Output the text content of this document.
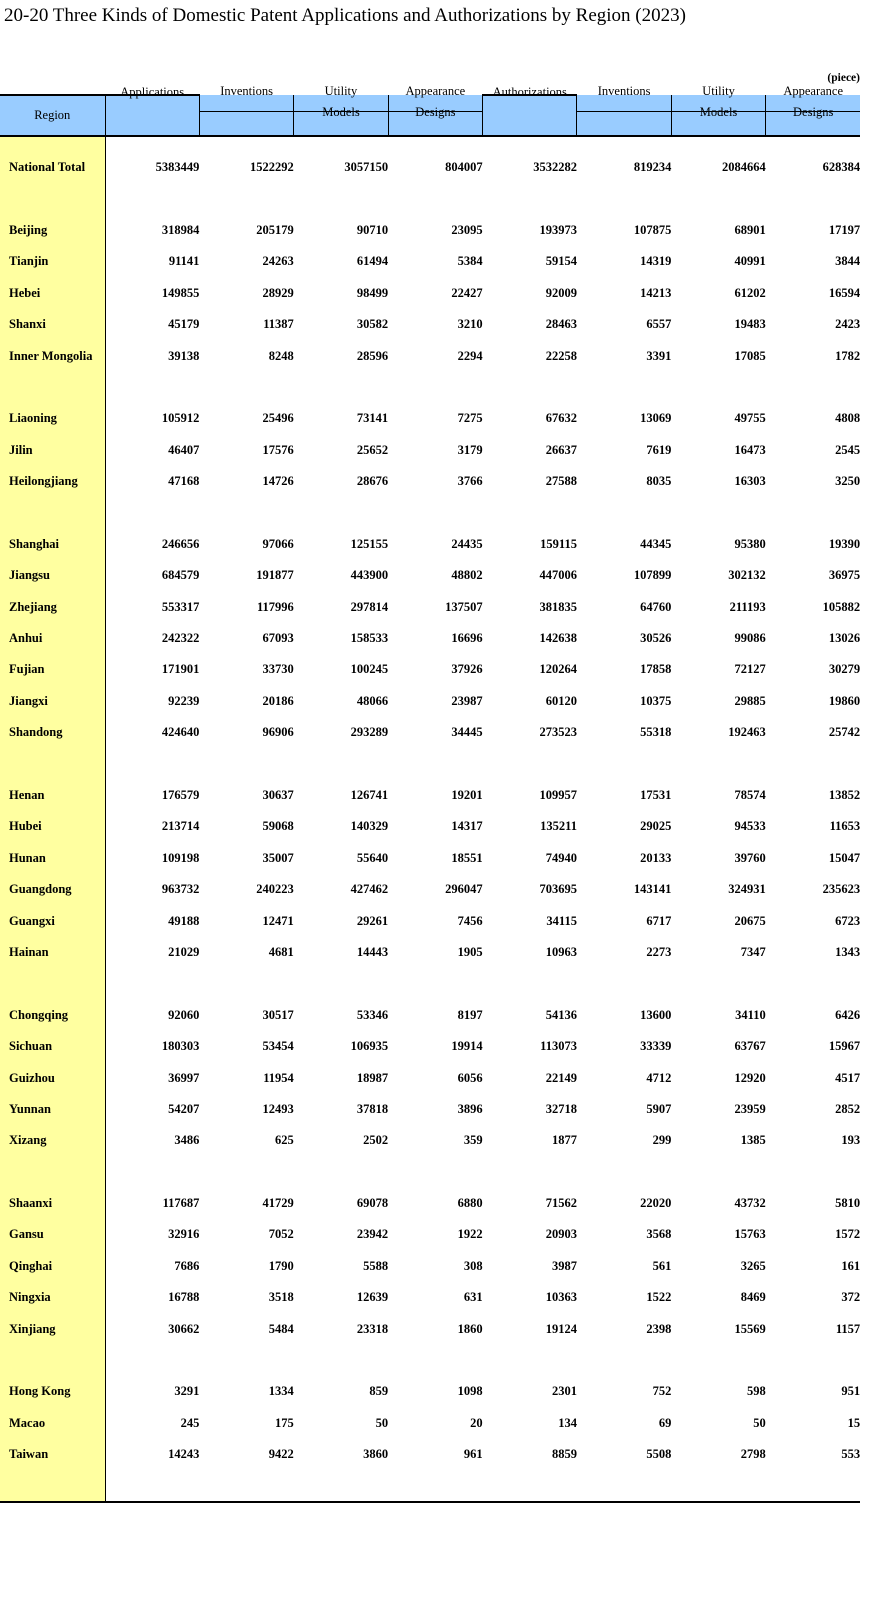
20-20 Three Kinds of Domestic Patent Applications and Authorizations by Region (2023)
(piece)
Region	Applications	Inventions	Utility
Models	Appearance
Designs	Authorizations	Inventions	Utility
Models	Appearance
Designs

National Total	5383449	1522292	3057150	804007	3532282	819234	2084664	628384

Beijing	318984	205179	90710	23095	193973	107875	68901	17197
Tianjin	91141	24263	61494	5384	59154	14319	40991	3844
Hebei	149855	28929	98499	22427	92009	14213	61202	16594
Shanxi	45179	11387	30582	3210	28463	6557	19483	2423
Inner Mongolia	39138	8248	28596	2294	22258	3391	17085	1782

Liaoning	105912	25496	73141	7275	67632	13069	49755	4808
Jilin	46407	17576	25652	3179	26637	7619	16473	2545
Heilongjiang	47168	14726	28676	3766	27588	8035	16303	3250

Shanghai	246656	97066	125155	24435	159115	44345	95380	19390
Jiangsu	684579	191877	443900	48802	447006	107899	302132	36975
Zhejiang	553317	117996	297814	137507	381835	64760	211193	105882
Anhui	242322	67093	158533	16696	142638	30526	99086	13026
Fujian	171901	33730	100245	37926	120264	17858	72127	30279
Jiangxi	92239	20186	48066	23987	60120	10375	29885	19860
Shandong	424640	96906	293289	34445	273523	55318	192463	25742

Henan	176579	30637	126741	19201	109957	17531	78574	13852
Hubei	213714	59068	140329	14317	135211	29025	94533	11653
Hunan	109198	35007	55640	18551	74940	20133	39760	15047
Guangdong	963732	240223	427462	296047	703695	143141	324931	235623
Guangxi	49188	12471	29261	7456	34115	6717	20675	6723
Hainan	21029	4681	14443	1905	10963	2273	7347	1343

Chongqing	92060	30517	53346	8197	54136	13600	34110	6426
Sichuan	180303	53454	106935	19914	113073	33339	63767	15967
Guizhou	36997	11954	18987	6056	22149	4712	12920	4517
Yunnan	54207	12493	37818	3896	32718	5907	23959	2852
Xizang	3486	625	2502	359	1877	299	1385	193

Shaanxi	117687	41729	69078	6880	71562	22020	43732	5810
Gansu	32916	7052	23942	1922	20903	3568	15763	1572
Qinghai	7686	1790	5588	308	3987	561	3265	161
Ningxia	16788	3518	12639	631	10363	1522	8469	372
Xinjiang	30662	5484	23318	1860	19124	2398	15569	1157

Hong Kong	3291	1334	859	1098	2301	752	598	951
Macao	245	175	50	20	134	69	50	15
Taiwan	14243	9422	3860	961	8859	5508	2798	553
